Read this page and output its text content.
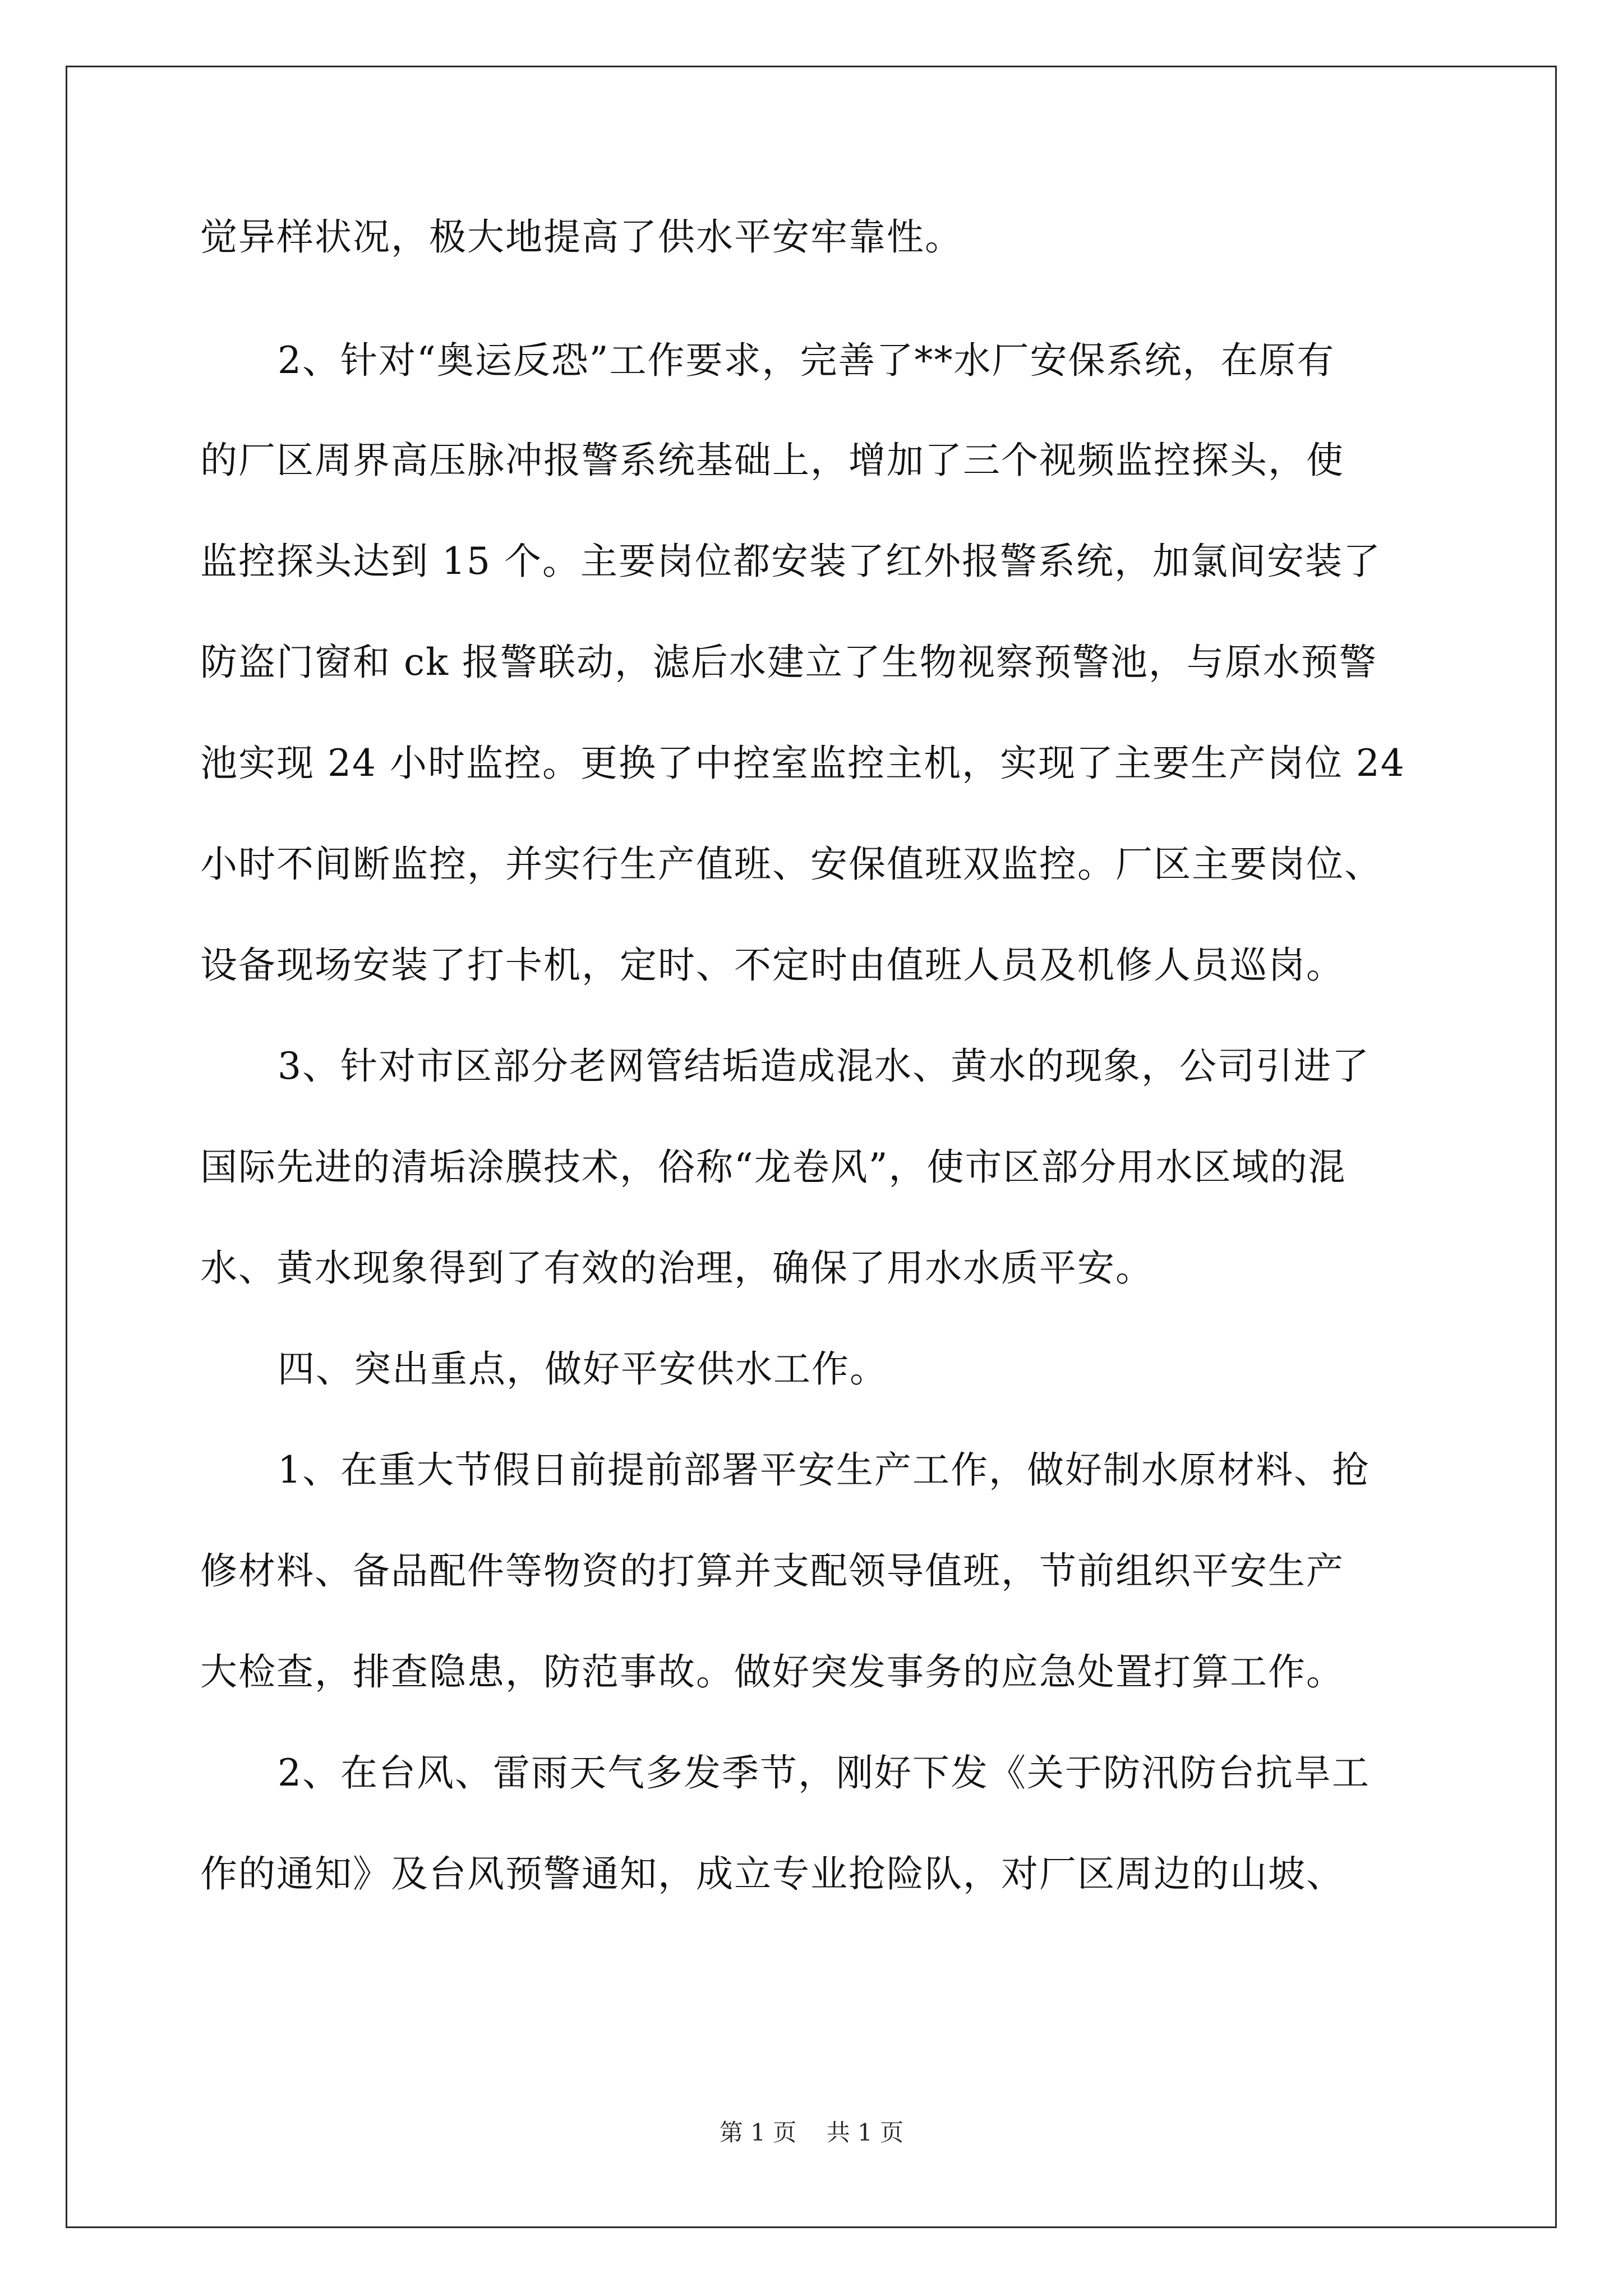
觉异样状况，极大地提高了供水平安牢靠性。
2、针对“奥运反恐”工作要求，完善了**水厂安保系统，在原有
的厂区周界高压脉冲报警系统基础上，增加了三个视频监控探头，使
监控探头达到 15 个。主要岗位都安装了红外报警系统，加氯间安装了
防盗门窗和 ck 报警联动，滤后水建立了生物视察预警池，与原水预警
池实现 24 小时监控。更换了中控室监控主机，实现了主要生产岗位 24
小时不间断监控，并实行生产值班、安保值班双监控。厂区主要岗位、
设备现场安装了打卡机，定时、不定时由值班人员及机修人员巡岗。
3、针对市区部分老网管结垢造成混水、黄水的现象，公司引进了
国际先进的清垢涂膜技术，俗称“龙卷风”，使市区部分用水区域的混
水、黄水现象得到了有效的治理，确保了用水水质平安。
四、突出重点，做好平安供水工作。
1、在重大节假日前提前部署平安生产工作，做好制水原材料、抢
修材料、备品配件等物资的打算并支配领导值班，节前组织平安生产
大检查，排查隐患，防范事故。做好突发事务的应急处置打算工作。
2、在台风、雷雨天气多发季节，刚好下发《关于防汛防台抗旱工
作的通知》及台风预警通知，成立专业抢险队，对厂区周边的山坡、
第 1 页    共 1 页
